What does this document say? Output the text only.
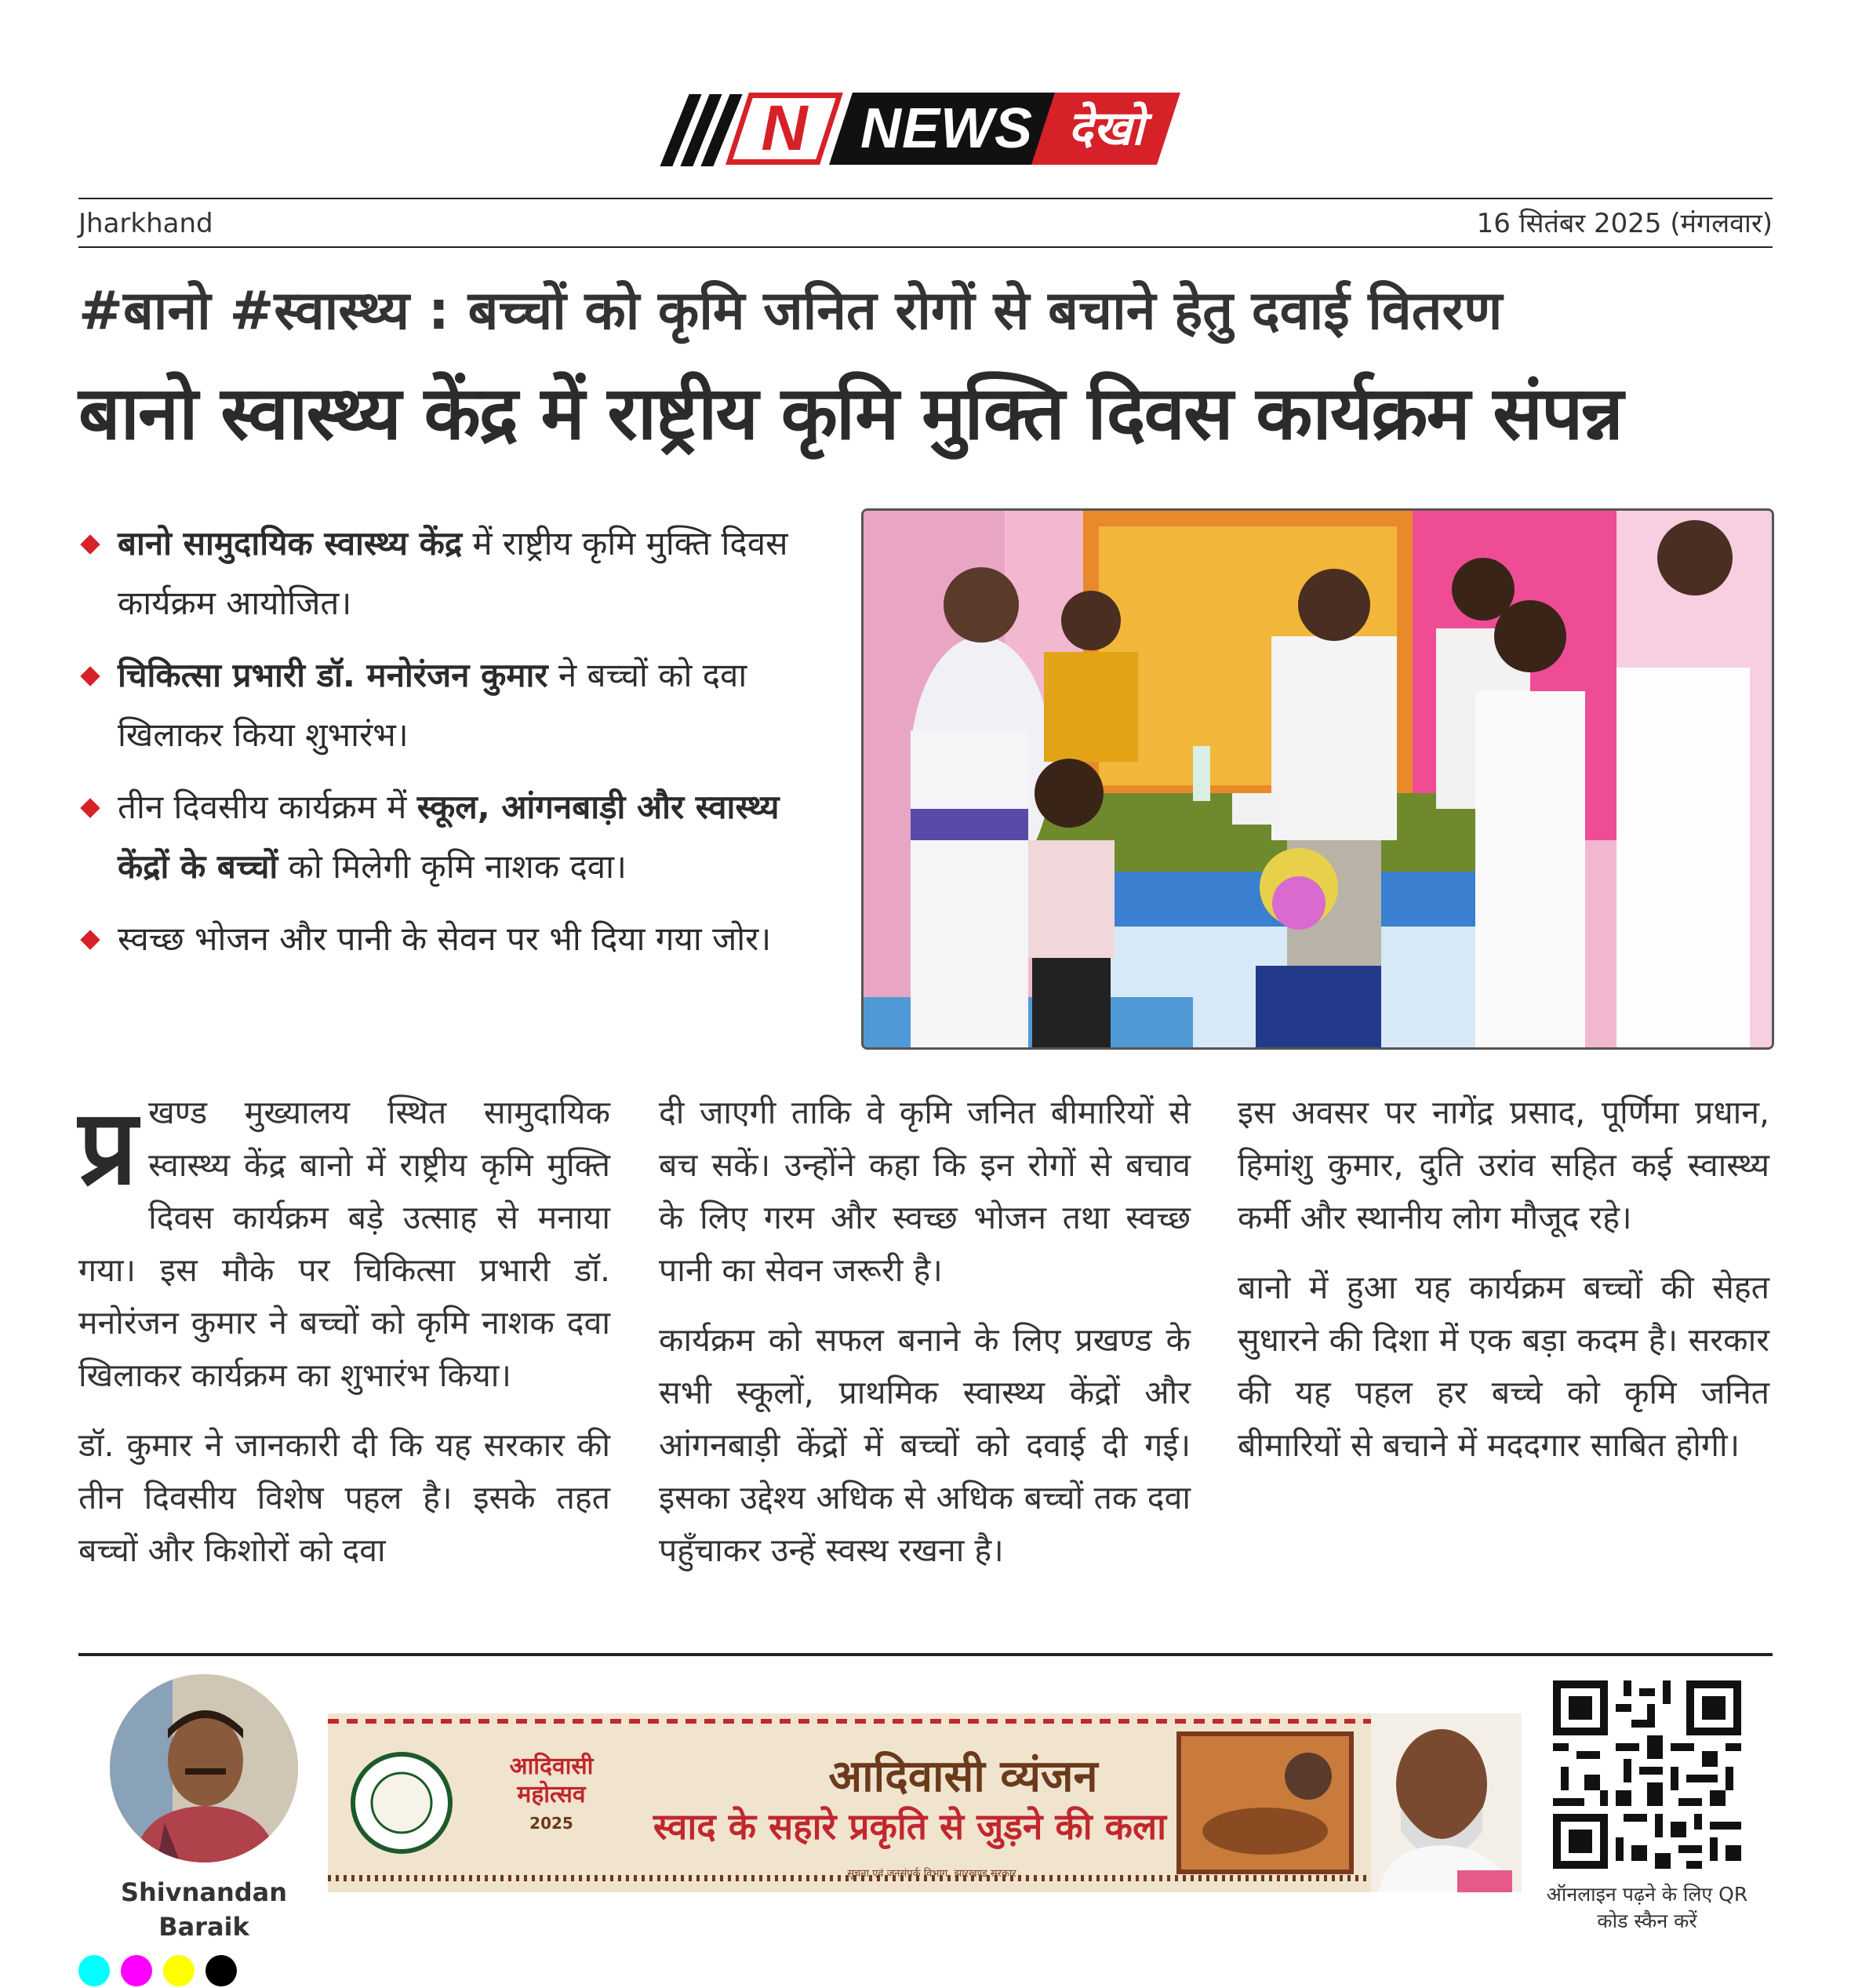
N NEWS देखो
Jharkhand	16 सितंबर 2025 (मंगलवार)
#बानो #स्वास्थ्य : बच्चों को कृमि जनित रोगों से बचाने हेतु दवाई वितरण
बानो स्वास्थ्य केंद्र में राष्ट्रीय कृमि मुक्ति दिवस कार्यक्रम संपन्न
बानो सामुदायिक स्वास्थ्य केंद्र में राष्ट्रीय कृमि मुक्ति दिवस कार्यक्रम आयोजित।
चिकित्सा प्रभारी डॉ. मनोरंजन कुमार ने बच्चों को दवा खिलाकर किया शुभारंभ।
तीन दिवसीय कार्यक्रम में स्कूल, आंगनबाड़ी और स्वास्थ्य केंद्रों के बच्चों को मिलेगी कृमि नाशक दवा।
स्वच्छ भोजन और पानी के सेवन पर भी दिया गया जोर।

प्र खण्ड मुख्यालय स्थित सामुदायिक स्वास्थ्य केंद्र बानो में राष्ट्रीय कृमि मुक्ति दिवस कार्यक्रम बड़े उत्साह से मनाया गया। इस मौके पर चिकित्सा प्रभारी डॉ. मनोरंजन कुमार ने बच्चों को कृमि नाशक दवा खिलाकर कार्यक्रम का शुभारंभ किया।

डॉ. कुमार ने जानकारी दी कि यह सरकार की तीन दिवसीय विशेष पहल है। इसके तहत बच्चों और किशोरों को दवा

दी जाएगी ताकि वे कृमि जनित बीमारियों से बच सकें। उन्होंने कहा कि इन रोगों से बचाव के लिए गरम और स्वच्छ भोजन तथा स्वच्छ पानी का सेवन जरूरी है।

कार्यक्रम को सफल बनाने के लिए प्रखण्ड के सभी स्कूलों, प्राथमिक स्वास्थ्य केंद्रों और आंगनबाड़ी केंद्रों में बच्चों को दवाई दी गई। इसका उद्देश्य अधिक से अधिक बच्चों तक दवा पहुँचाकर उन्हें स्वस्थ रखना है।

इस अवसर पर नागेंद्र प्रसाद, पूर्णिमा प्रधान, हिमांशु कुमार, दुति उरांव सहित कई स्वास्थ्य कर्मी और स्थानीय लोग मौजूद रहे।

बानो में हुआ यह कार्यक्रम बच्चों की सेहत सुधारने की दिशा में एक बड़ा कदम है। सरकार की यह पहल हर बच्चे को कृमि जनित बीमारियों से बचाने में मददगार साबित होगी।

Shivnandan Baraik
आदिवासी
महोत्सव
2025
आदिवासी व्यंजन
स्वाद के सहारे प्रकृति से जुड़ने की कला
सूचना एवं जनसंपर्क विभाग, झारखण्ड सरकार
ऑनलाइन पढ़ने के लिए QR कोड स्कैन करें
